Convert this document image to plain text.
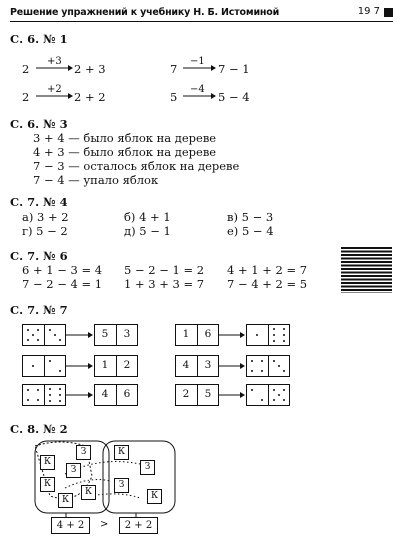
Решение упражнений к учебнику Н. Б. Истоминой	19 7
С. 6. № 1
2
+3
2 + 3	7
−1
7 − 1
2
+2
2 + 2	5
−4
5 − 4
С. 6. № 3
3 + 4 — было яблок на дереве
4 + 3 — было яблок на дереве
7 − 3 — осталось яблок на дереве
7 − 4 — упало яблок
С. 7. № 4
а) 3 + 2	б) 4 + 1	в) 5 − 3
г) 5 − 2	д) 5 − 1	е) 5 − 4
С. 7. № 6
6 + 1 − 3 = 4 5 − 2 − 1 = 2 4 + 1 + 2 = 7
7 − 2 − 4 = 1 1 + 3 + 3 = 7 7 − 4 + 2 = 5
С. 7. № 7
5	3
1	2
4	6
1	6
4	3
2	5
С. 8. № 2
К
К
К
К
З
З
К
К
З
З
4 + 2	>	2 + 2
